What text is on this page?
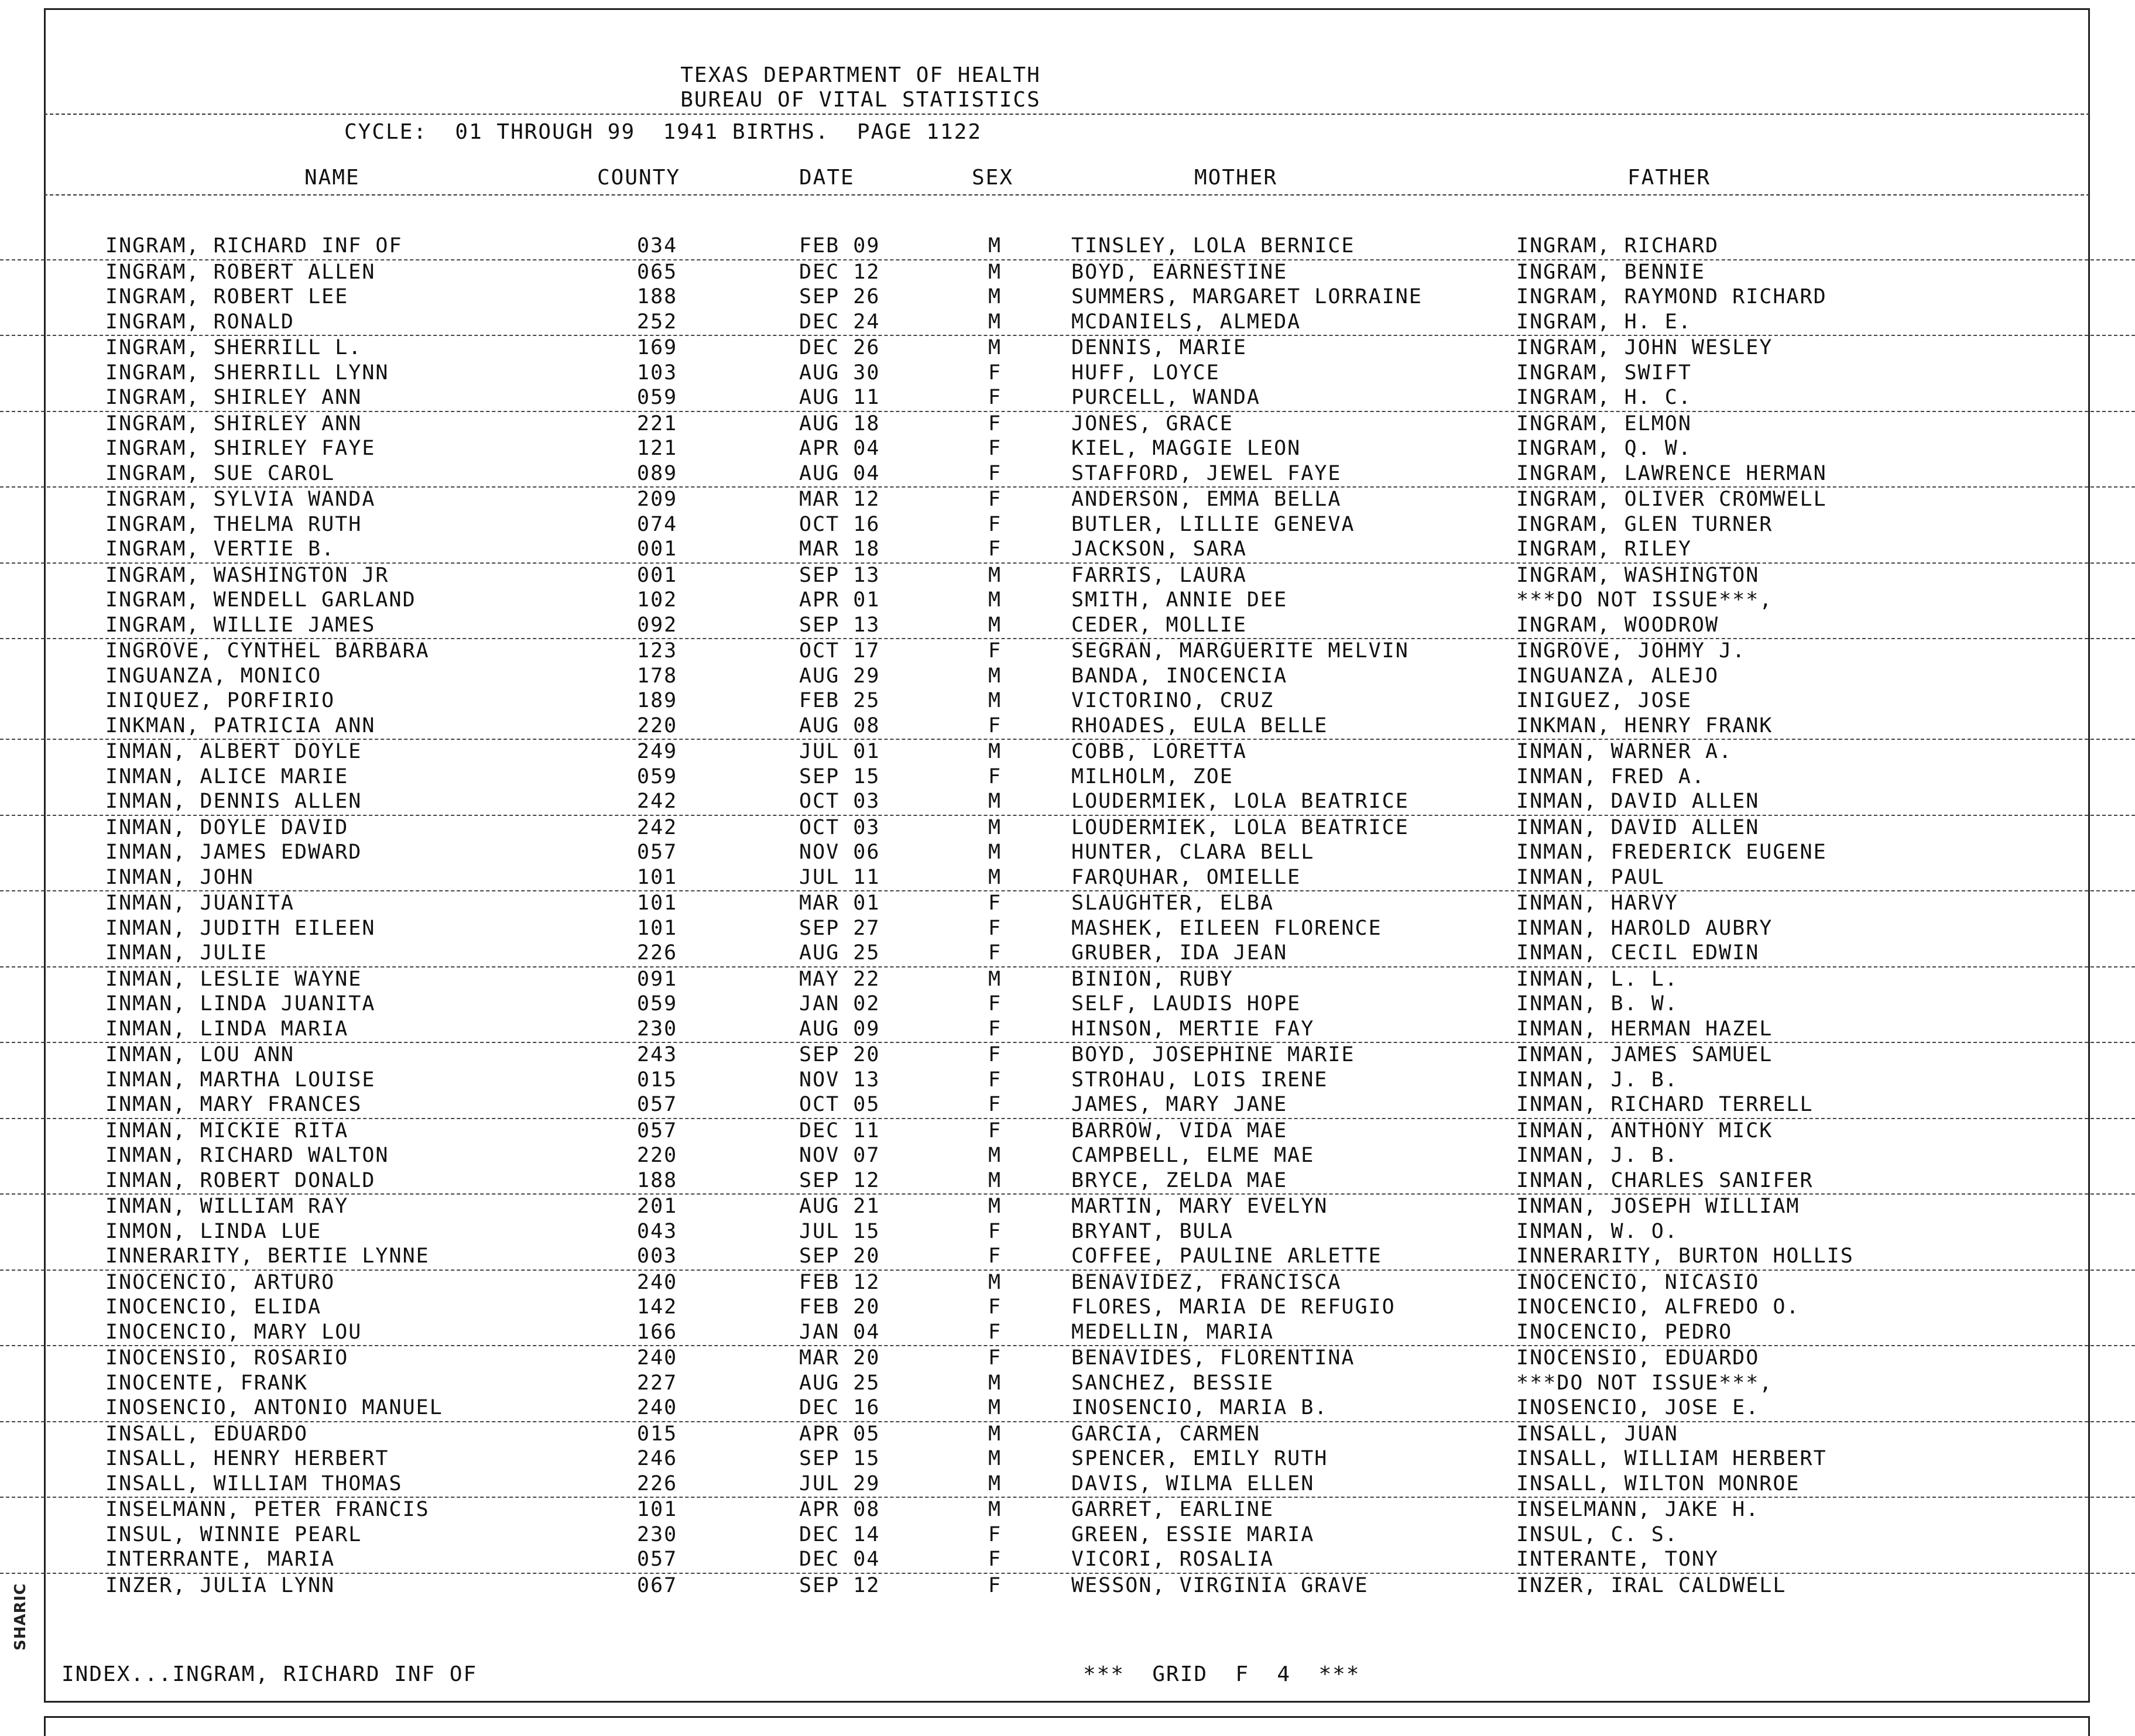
SHARIC
TEXAS DEPARTMENT OF HEALTH
BUREAU OF VITAL STATISTICS
CYCLE:  01 THROUGH 99  1941 BIRTHS.  PAGE 1122
NAME	COUNTY	DATE	SEX	MOTHER	FATHER
INGRAM, RICHARD INF OF	034	FEB 09	M	TINSLEY, LOLA BERNICE	INGRAM, RICHARD
INGRAM, ROBERT ALLEN	065	DEC 12	M	BOYD, EARNESTINE	INGRAM, BENNIE
INGRAM, ROBERT LEE	188	SEP 26	M	SUMMERS, MARGARET LORRAINE	INGRAM, RAYMOND RICHARD
INGRAM, RONALD	252	DEC 24	M	MCDANIELS, ALMEDA	INGRAM, H. E.
INGRAM, SHERRILL L.	169	DEC 26	M	DENNIS, MARIE	INGRAM, JOHN WESLEY
INGRAM, SHERRILL LYNN	103	AUG 30	F	HUFF, LOYCE	INGRAM, SWIFT
INGRAM, SHIRLEY ANN	059	AUG 11	F	PURCELL, WANDA	INGRAM, H. C.
INGRAM, SHIRLEY ANN	221	AUG 18	F	JONES, GRACE	INGRAM, ELMON
INGRAM, SHIRLEY FAYE	121	APR 04	F	KIEL, MAGGIE LEON	INGRAM, Q. W.
INGRAM, SUE CAROL	089	AUG 04	F	STAFFORD, JEWEL FAYE	INGRAM, LAWRENCE HERMAN
INGRAM, SYLVIA WANDA	209	MAR 12	F	ANDERSON, EMMA BELLA	INGRAM, OLIVER CROMWELL
INGRAM, THELMA RUTH	074	OCT 16	F	BUTLER, LILLIE GENEVA	INGRAM, GLEN TURNER
INGRAM, VERTIE B.	001	MAR 18	F	JACKSON, SARA	INGRAM, RILEY
INGRAM, WASHINGTON JR	001	SEP 13	M	FARRIS, LAURA	INGRAM, WASHINGTON
INGRAM, WENDELL GARLAND	102	APR 01	M	SMITH, ANNIE DEE	***DO NOT ISSUE***,
INGRAM, WILLIE JAMES	092	SEP 13	M	CEDER, MOLLIE	INGRAM, WOODROW
INGROVE, CYNTHEL BARBARA	123	OCT 17	F	SEGRAN, MARGUERITE MELVIN	INGROVE, JOHMY J.
INGUANZA, MONICO	178	AUG 29	M	BANDA, INOCENCIA	INGUANZA, ALEJO
INIQUEZ, PORFIRIO	189	FEB 25	M	VICTORINO, CRUZ	INIGUEZ, JOSE
INKMAN, PATRICIA ANN	220	AUG 08	F	RHOADES, EULA BELLE	INKMAN, HENRY FRANK
INMAN, ALBERT DOYLE	249	JUL 01	M	COBB, LORETTA	INMAN, WARNER A.
INMAN, ALICE MARIE	059	SEP 15	F	MILHOLM, ZOE	INMAN, FRED A.
INMAN, DENNIS ALLEN	242	OCT 03	M	LOUDERMIEK, LOLA BEATRICE	INMAN, DAVID ALLEN
INMAN, DOYLE DAVID	242	OCT 03	M	LOUDERMIEK, LOLA BEATRICE	INMAN, DAVID ALLEN
INMAN, JAMES EDWARD	057	NOV 06	M	HUNTER, CLARA BELL	INMAN, FREDERICK EUGENE
INMAN, JOHN	101	JUL 11	M	FARQUHAR, OMIELLE	INMAN, PAUL
INMAN, JUANITA	101	MAR 01	F	SLAUGHTER, ELBA	INMAN, HARVY
INMAN, JUDITH EILEEN	101	SEP 27	F	MASHEK, EILEEN FLORENCE	INMAN, HAROLD AUBRY
INMAN, JULIE	226	AUG 25	F	GRUBER, IDA JEAN	INMAN, CECIL EDWIN
INMAN, LESLIE WAYNE	091	MAY 22	M	BINION, RUBY	INMAN, L. L.
INMAN, LINDA JUANITA	059	JAN 02	F	SELF, LAUDIS HOPE	INMAN, B. W.
INMAN, LINDA MARIA	230	AUG 09	F	HINSON, MERTIE FAY	INMAN, HERMAN HAZEL
INMAN, LOU ANN	243	SEP 20	F	BOYD, JOSEPHINE MARIE	INMAN, JAMES SAMUEL
INMAN, MARTHA LOUISE	015	NOV 13	F	STROHAU, LOIS IRENE	INMAN, J. B.
INMAN, MARY FRANCES	057	OCT 05	F	JAMES, MARY JANE	INMAN, RICHARD TERRELL
INMAN, MICKIE RITA	057	DEC 11	F	BARROW, VIDA MAE	INMAN, ANTHONY MICK
INMAN, RICHARD WALTON	220	NOV 07	M	CAMPBELL, ELME MAE	INMAN, J. B.
INMAN, ROBERT DONALD	188	SEP 12	M	BRYCE, ZELDA MAE	INMAN, CHARLES SANIFER
INMAN, WILLIAM RAY	201	AUG 21	M	MARTIN, MARY EVELYN	INMAN, JOSEPH WILLIAM
INMON, LINDA LUE	043	JUL 15	F	BRYANT, BULA	INMAN, W. O.
INNERARITY, BERTIE LYNNE	003	SEP 20	F	COFFEE, PAULINE ARLETTE	INNERARITY, BURTON HOLLIS
INOCENCIO, ARTURO	240	FEB 12	M	BENAVIDEZ, FRANCISCA	INOCENCIO, NICASIO
INOCENCIO, ELIDA	142	FEB 20	F	FLORES, MARIA DE REFUGIO	INOCENCIO, ALFREDO O.
INOCENCIO, MARY LOU	166	JAN 04	F	MEDELLIN, MARIA	INOCENCIO, PEDRO
INOCENSIO, ROSARIO	240	MAR 20	F	BENAVIDES, FLORENTINA	INOCENSIO, EDUARDO
INOCENTE, FRANK	227	AUG 25	M	SANCHEZ, BESSIE	***DO NOT ISSUE***,
INOSENCIO, ANTONIO MANUEL	240	DEC 16	M	INOSENCIO, MARIA B.	INOSENCIO, JOSE E.
INSALL, EDUARDO	015	APR 05	M	GARCIA, CARMEN	INSALL, JUAN
INSALL, HENRY HERBERT	246	SEP 15	M	SPENCER, EMILY RUTH	INSALL, WILLIAM HERBERT
INSALL, WILLIAM THOMAS	226	JUL 29	M	DAVIS, WILMA ELLEN	INSALL, WILTON MONROE
INSELMANN, PETER FRANCIS	101	APR 08	M	GARRET, EARLINE	INSELMANN, JAKE H.
INSUL, WINNIE PEARL	230	DEC 14	F	GREEN, ESSIE MARIA	INSUL, C. S.
INTERRANTE, MARIA	057	DEC 04	F	VICORI, ROSALIA	INTERANTE, TONY
INZER, JULIA LYNN	067	SEP 12	F	WESSON, VIRGINIA GRAVE	INZER, IRAL CALDWELL
INDEX...INGRAM, RICHARD INF OF	***  GRID  F  4  ***
